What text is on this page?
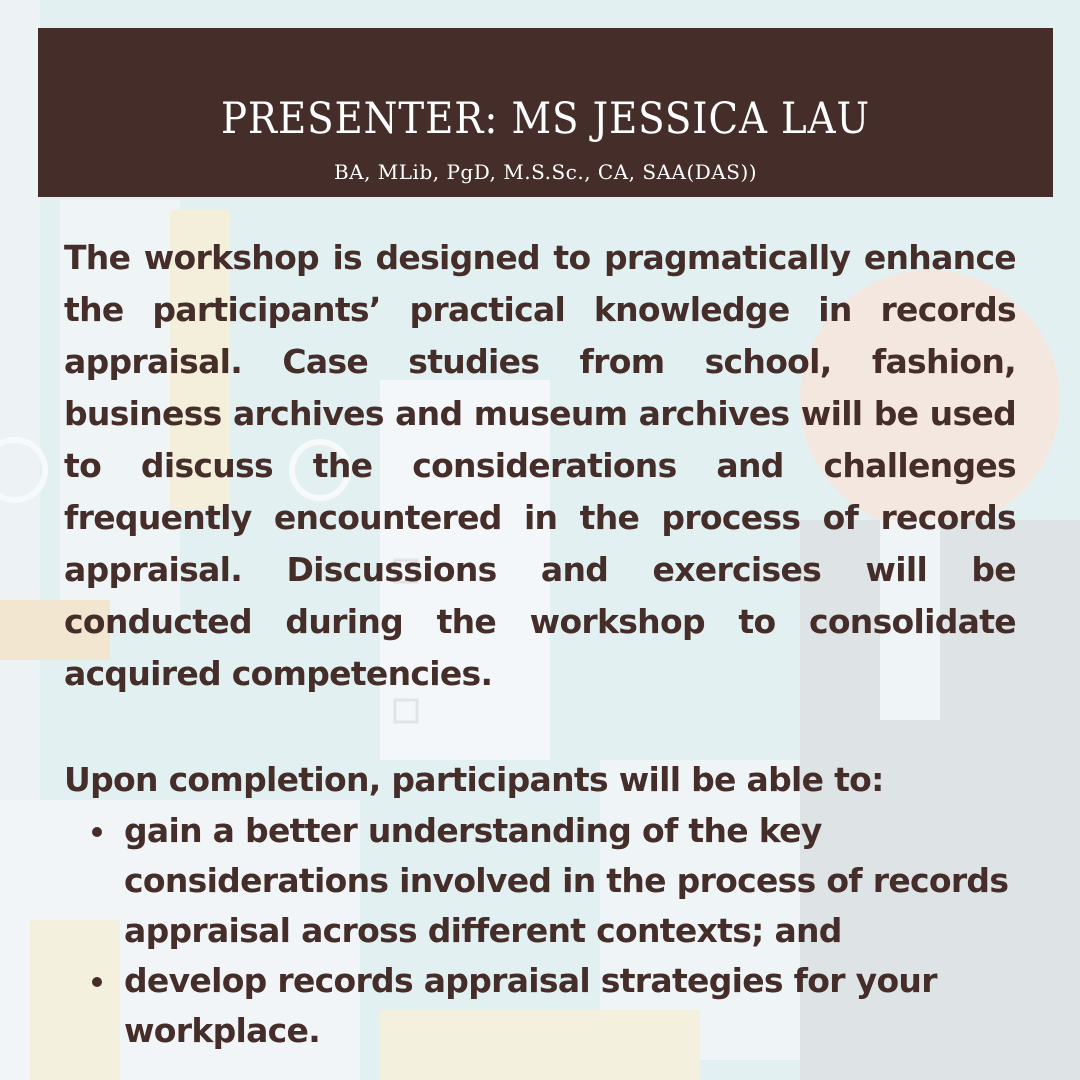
PRESENTER: MS JESSICA LAU
BA, MLib, PgD, M.S.Sc., CA, SAA(DAS))

The workshop is designed to pragmatically enhance the participants’ practical knowledge in records appraisal. Case studies from school, fashion, business archives and museum archives will be used to discuss the considerations and challenges frequently encountered in the process of records appraisal. Discussions and exercises will be conducted during the workshop to consolidate acquired competencies.

Upon completion, participants will be able to:

gain a better understanding of the key considerations involved in the process of records appraisal across different contexts; and
develop records appraisal strategies for your workplace.
